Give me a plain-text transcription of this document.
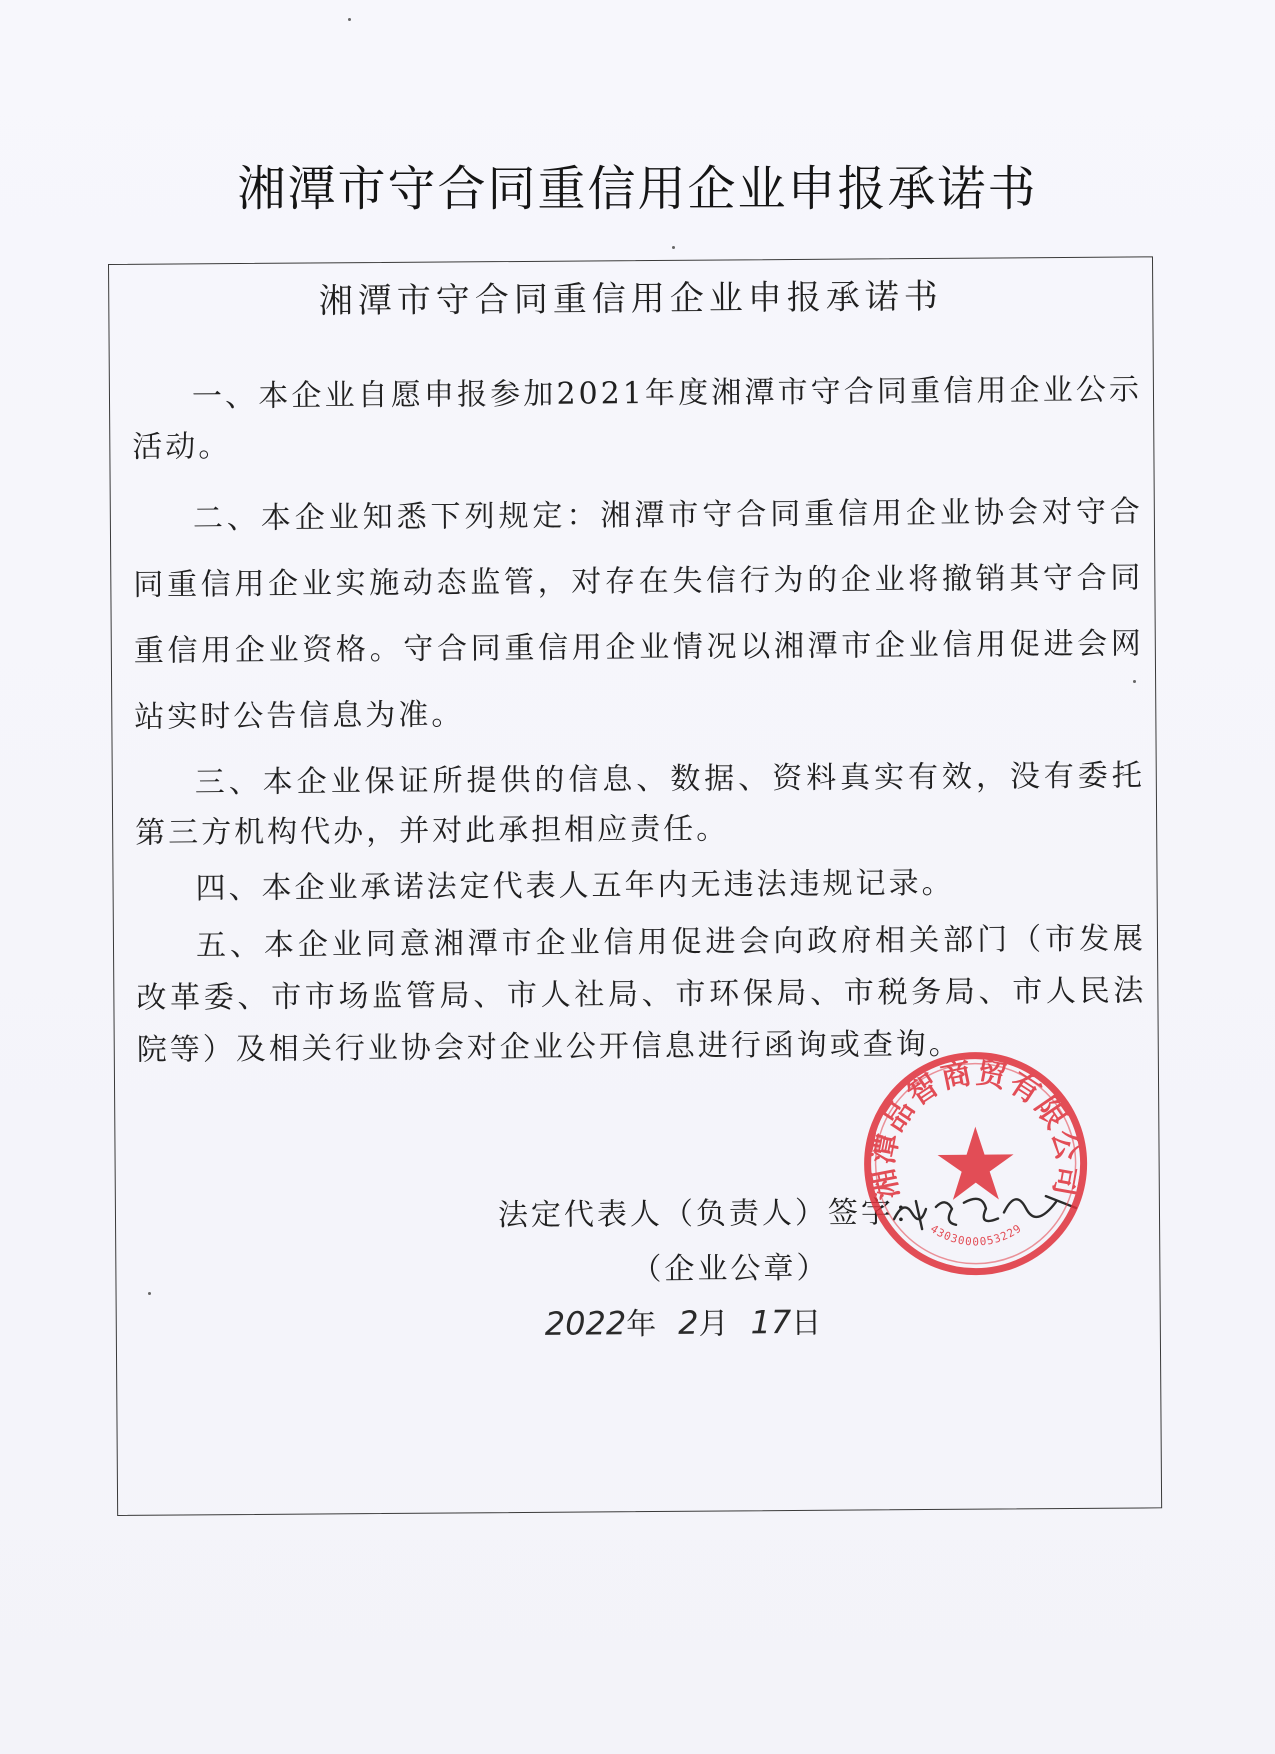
湘潭市守合同重信用企业申报承诺书
湘潭市守合同重信用企业申报承诺书

一、本企业自愿申报参加2021年度湘潭市守合同重信用企业公示活动。

二、本企业知悉下列规定：湘潭市守合同重信用企业协会对守合同重信用企业实施动态监管，对存在失信行为的企业将撤销其守合同重信用企业资格。守合同重信用企业情况以湘潭市企业信用促进会网站实时公告信息为准。

三、本企业保证所提供的信息、数据、资料真实有效，没有委托第三方机构代办，并对此承担相应责任。

四、本企业承诺法定代表人五年内无违法违规记录。

五、本企业同意湘潭市企业信用促进会向政府相关部门（市发展改革委、市市场监管局、市人社局、市环保局、市税务局、市人民法院等）及相关行业协会对企业公开信息进行函询或查询。

法定代表人（负责人）签字：
（企业公章）
2022年 2月 17日
湘潭品智商贸有限公司
4303000053229
